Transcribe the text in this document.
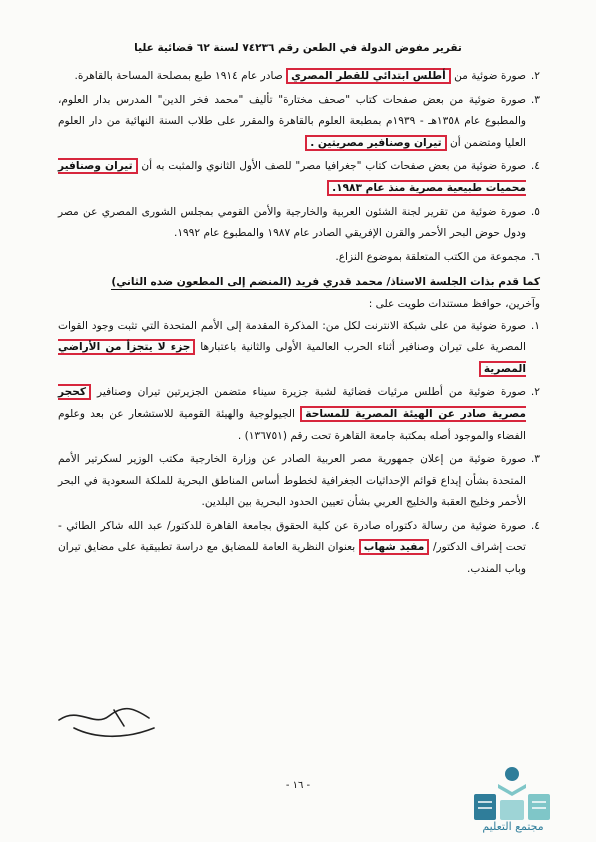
تقرير مفوض الدولة في الطعن رقم ٧٤٢٣٦ لسنة ٦٢ قضائية عليا
٢.
صورة ضوئية من أطلس ابتدائي للقطر المصري صادر عام ١٩١٤ طبع بمصلحة المساحة بالقاهرة.
٣.
صورة ضوئية من بعض صفحات كتاب "صحف مختارة" تأليف "محمد فخر الدين" المدرس بدار العلوم، والمطبوع عام ١٣٥٨هـ - ١٩٣٩م بمطبعة العلوم بالقاهرة والمقرر على طلاب السنة النهائية من دار العلوم العليا ومتضمن أن تيران وصنافير مصريتين .
٤.
صورة ضوئية من بعض صفحات كتاب "جغرافيا مصر" للصف الأول الثانوي والمثبت به أن تيران وصنافير محميات طبيعية مصرية منذ عام ١٩٨٣.
٥.
صورة ضوئية من تقرير لجنة الشئون العربية والخارجية والأمن القومي بمجلس الشورى المصري عن مصر ودول حوض البحر الأحمر والقرن الإفريقي الصادر عام ١٩٨٧ والمطبوع عام ١٩٩٢.
٦.
مجموعة من الكتب المتعلقة بموضوع النزاع.
كما قدم بذات الجلسة الاستاذ/ محمد قدري فريد (المنضم إلى المطعون ضده الثاني)
وآخرين، حوافظ مستندات طويت على :
١.
صورة ضوئية من على شبكة الانترنت لكل من: المذكرة المقدمة إلى الأمم المتحدة التي تثبت وجود القوات المصرية على تيران وصنافير أثناء الحرب العالمية الأولى والثانية باعتبارها جزء لا يتجزأ من الأراضي المصرية
٢.
صورة ضوئية من أطلس مرئيات فضائية لشبة جزيرة سيناء متضمن الجزيرتين تيران وصنافير كحجر مصرية صادر عن الهيئة المصرية للمساحة الجيولوجية والهيئة القومية للاستشعار عن بعد وعلوم الفضاء والموجود أصله بمكتبة جامعة القاهرة تحت رقم (١٣٦٧٥١) .
٣.
صورة ضوئية من إعلان جمهورية مصر العربية الصادر عن وزارة الخارجية مكتب الوزير لسكرتير الأمم المتحدة بشأن إيداع قوائم الإحداثيات الجغرافية لخطوط أساس المناطق البحرية للملكة السعودية في البحر الأحمر وخليج العقبة والخليج العربي بشأن تعيين الحدود البحرية بين البلدين.
٤.
صورة ضوئية من رسالة دكتوراه صادرة عن كلية الحقوق بجامعة القاهرة للدكتور/ عبد الله شاكر الطائي - تحت إشراف الدكتور/ مفيد شهاب بعنوان النظرية العامة للمضايق مع دراسة تطبيقية على مضايق تيران وباب المندب.
- ١٦ -
مجتمع التعليم
